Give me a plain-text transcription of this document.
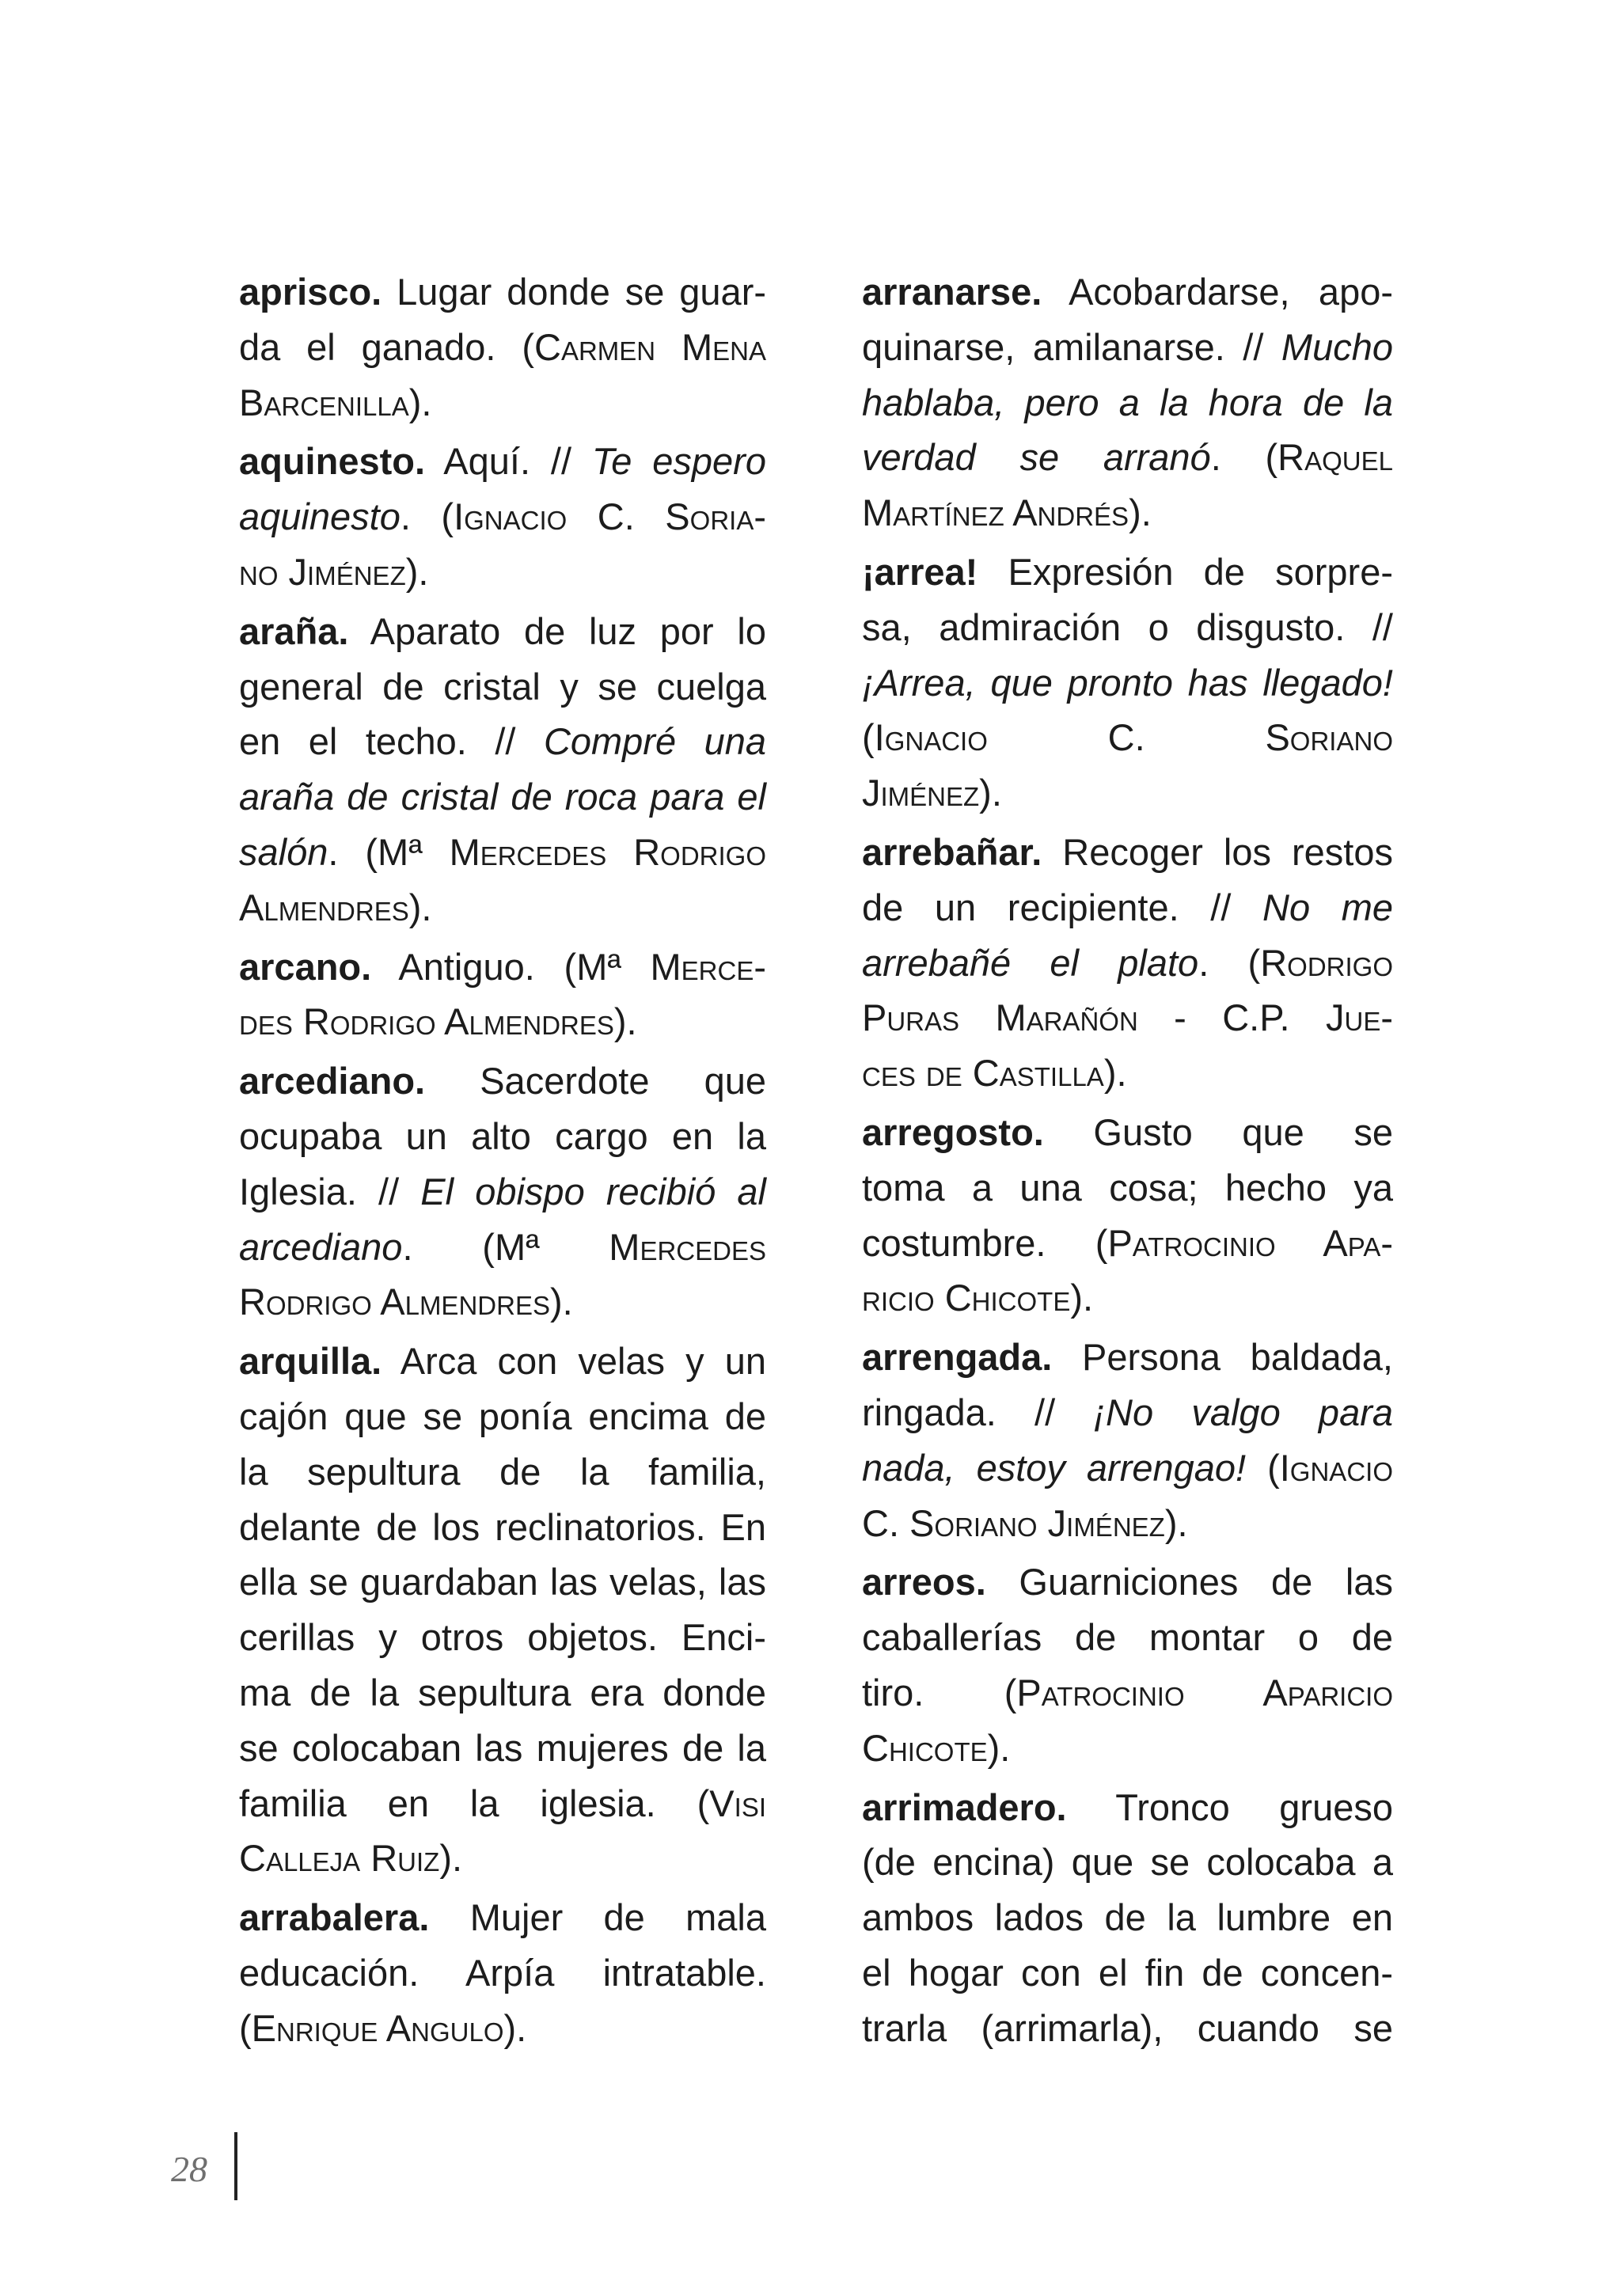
aprisco. Lugar donde se guar-
da el ganado. (Carmen Mena
Barcenilla).
aquinesto. Aquí. // Te espero
aquinesto. (Ignacio C. Soria-
no Jiménez).
araña. Aparato de luz por lo
general de cristal y se cuelga
en el techo. // Compré una
araña de cristal de roca para el
salón. (Mª Mercedes Rodrigo
Almendres).
arcano. Antiguo. (Mª Merce-
des Rodrigo Almendres).
arcediano. Sacerdote que
ocupaba un alto cargo en la
Iglesia. // El obispo recibió al
arcediano. (Mª Mercedes
Rodrigo Almendres).
arquilla. Arca con velas y un
cajón que se ponía encima de
la sepultura de la familia,
delante de los reclinatorios. En
ella se guardaban las velas, las
cerillas y otros objetos. Enci-
ma de la sepultura era donde
se colocaban las mujeres de la
familia en la iglesia. (Visi
Calleja Ruiz).
arrabalera. Mujer de mala
educación. Arpía intratable.
(Enrique Angulo).
arranarse. Acobardarse, apo-
quinarse, amilanarse. // Mucho
hablaba, pero a la hora de la
verdad se arranó. (Raquel
Martínez Andrés).
¡arrea! Expresión de sorpre-
sa, admiración o disgusto. //
¡Arrea, que pronto has llegado!
(Ignacio C. Soriano
Jiménez).
arrebañar. Recoger los restos
de un recipiente. // No me
arrebañé el plato. (Rodrigo
Puras Marañón - C.P. Jue-
ces de Castilla).
arregosto. Gusto que se
toma a una cosa; hecho ya
costumbre. (Patrocinio Apa-
ricio Chicote).
arrengada. Persona baldada,
ringada. // ¡No valgo para
nada, estoy arrengao! (Ignacio
C. Soriano Jiménez).
arreos. Guarniciones de las
caballerías de montar o de
tiro. (Patrocinio Aparicio
Chicote).
arrimadero. Tronco grueso
(de encina) que se colocaba a
ambos lados de la lumbre en
el hogar con el fin de concen-
trarla (arrimarla), cuando se
28
